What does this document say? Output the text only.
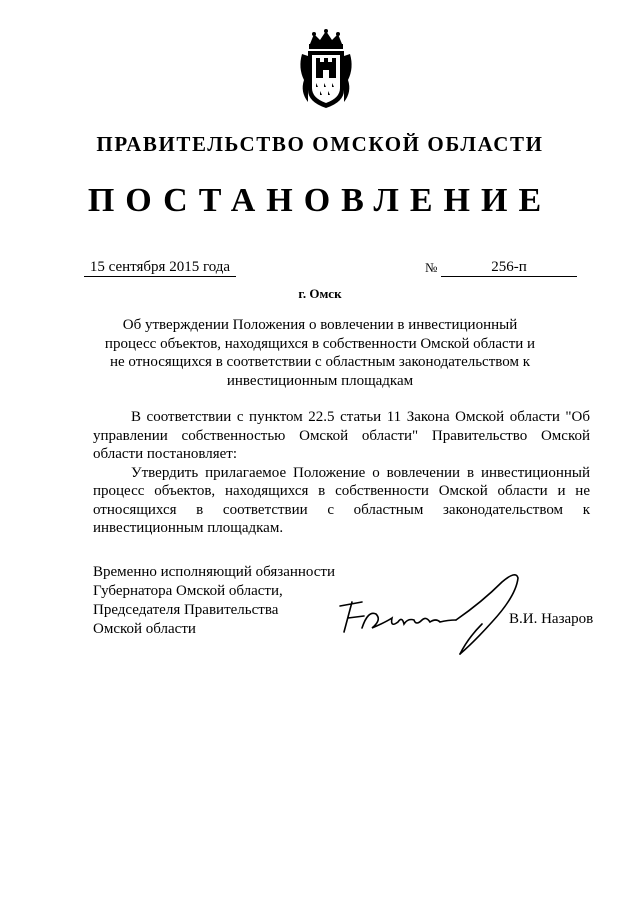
ПРАВИТЕЛЬСТВО ОМСКОЙ ОБЛАСТИ
ПОСТАНОВЛЕНИЕ
15 сентября 2015 года	№	256-п
г. Омск
Об утверждении Положения о вовлечении в инвестиционный процесс объектов, находящихся в собственности Омской области и не относящихся в соответствии с областным законодательством к инвестиционным площадкам

В соответствии с пунктом 22.5 статьи 11 Закона Омской области "Об управлении собственностью Омской области" Правительство Омской области постановляет:

Утвердить прилагаемое Положение о вовлечении в инвестиционный процесс объектов, находящихся в собственности Омской области и не относящихся в соответствии с областным законодательством к инвестиционным площадкам.

Временно исполняющий обязанности
Губернатора Омской области,
Председателя Правительства
Омской области
В.И. Назаров
